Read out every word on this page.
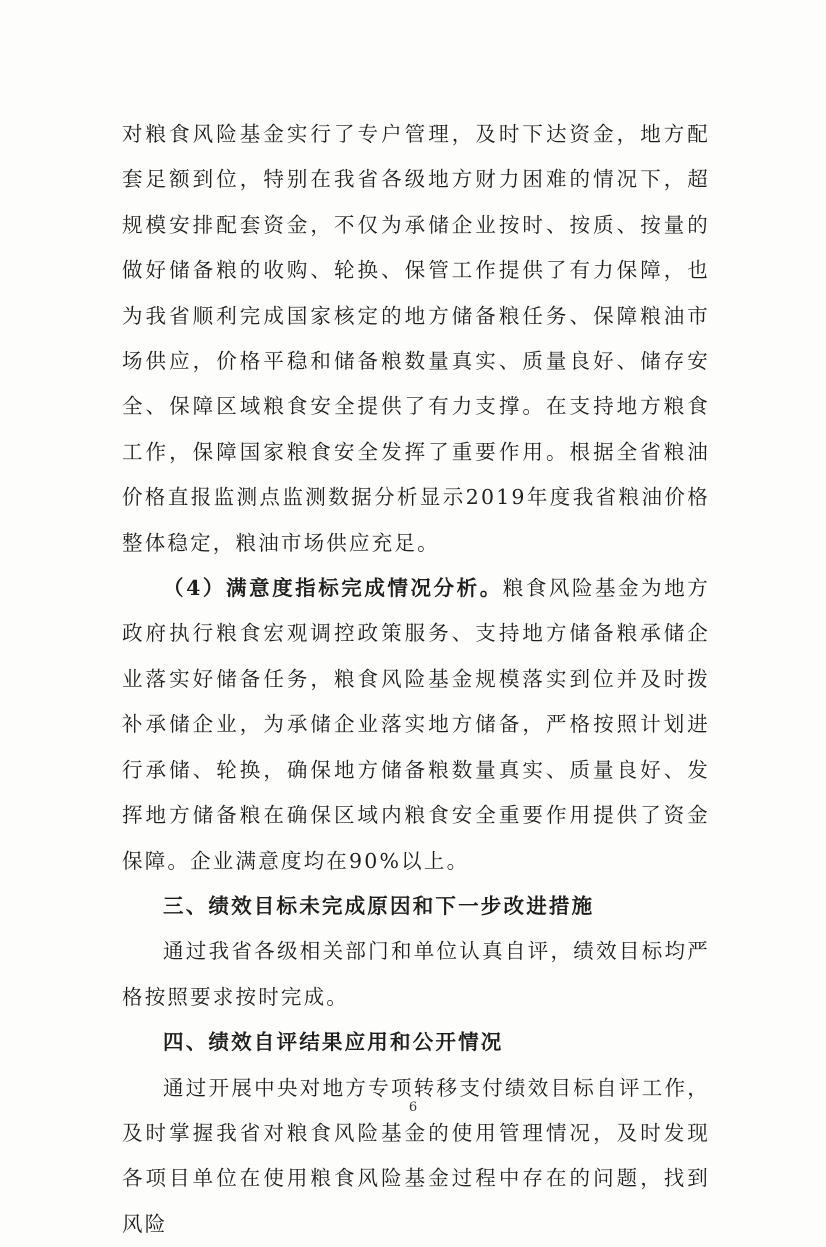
对粮食风险基金实行了专户管理，及时下达资金，地方配套足额到位，特别在我省各级地方财力困难的情况下，超规模安排配套资金，不仅为承储企业按时、按质、按量的做好储备粮的收购、轮换、保管工作提供了有力保障，也为我省顺利完成国家核定的地方储备粮任务、保障粮油市场供应，价格平稳和储备粮数量真实、质量良好、储存安全、保障区域粮食安全提供了有力支撑。在支持地方粮食工作，保障国家粮食安全发挥了重要作用。根据全省粮油价格直报监测点监测数据分析显示2019年度我省粮油价格整体稳定，粮油市场供应充足。

（4）满意度指标完成情况分析。粮食风险基金为地方政府执行粮食宏观调控政策服务、支持地方储备粮承储企业落实好储备任务，粮食风险基金规模落实到位并及时拨补承储企业，为承储企业落实地方储备，严格按照计划进行承储、轮换，确保地方储备粮数量真实、质量良好、发挥地方储备粮在确保区域内粮食安全重要作用提供了资金保障。企业满意度均在90%以上。

三、绩效目标未完成原因和下一步改进措施

通过我省各级相关部门和单位认真自评，绩效目标均严格按照要求按时完成。

四、绩效自评结果应用和公开情况

通过开展中央对地方专项转移支付绩效目标自评工作，及时掌握我省对粮食风险基金的使用管理情况，及时发现各项目单位在使用粮食风险基金过程中存在的问题，找到风险

6
